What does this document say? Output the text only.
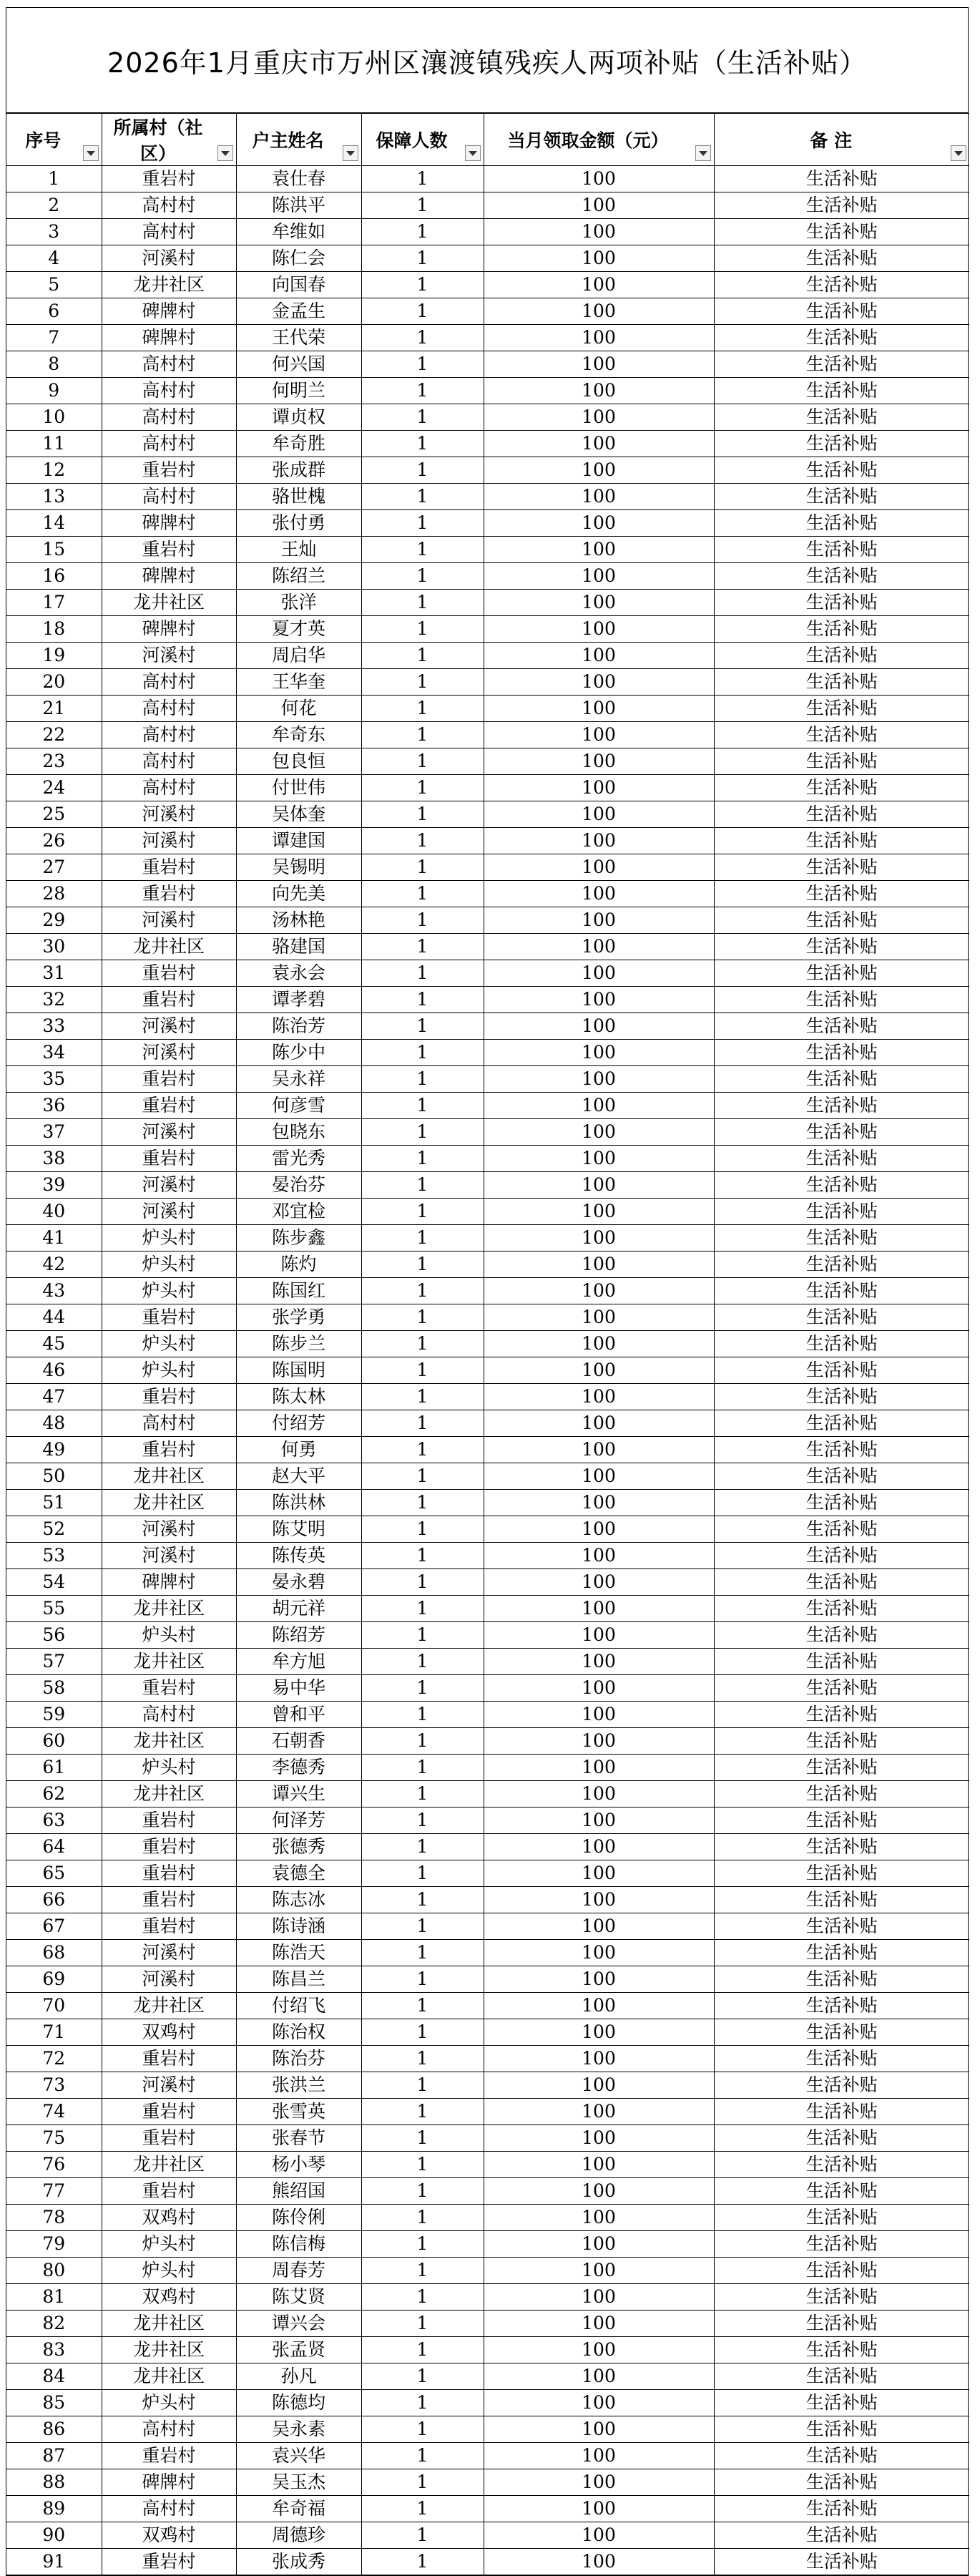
2026年1月重庆市万州区瀼渡镇残疾人两项补贴（生活补贴）
序号	所属村（社区）	户主姓名	保障人数	当月领取金额（元）	备 注

1	重岩村	袁仕春	1	100	生活补贴
2	高村村	陈洪平	1	100	生活补贴
3	高村村	牟维如	1	100	生活补贴
4	河溪村	陈仁会	1	100	生活补贴
5	龙井社区	向国春	1	100	生活补贴
6	碑牌村	金孟生	1	100	生活补贴
7	碑牌村	王代荣	1	100	生活补贴
8	高村村	何兴国	1	100	生活补贴
9	高村村	何明兰	1	100	生活补贴
10	高村村	谭贞权	1	100	生活补贴
11	高村村	牟奇胜	1	100	生活补贴
12	重岩村	张成群	1	100	生活补贴
13	高村村	骆世槐	1	100	生活补贴
14	碑牌村	张付勇	1	100	生活补贴
15	重岩村	王灿	1	100	生活补贴
16	碑牌村	陈绍兰	1	100	生活补贴
17	龙井社区	张洋	1	100	生活补贴
18	碑牌村	夏才英	1	100	生活补贴
19	河溪村	周启华	1	100	生活补贴
20	高村村	王华奎	1	100	生活补贴
21	高村村	何花	1	100	生活补贴
22	高村村	牟奇东	1	100	生活补贴
23	高村村	包良恒	1	100	生活补贴
24	高村村	付世伟	1	100	生活补贴
25	河溪村	吴体奎	1	100	生活补贴
26	河溪村	谭建国	1	100	生活补贴
27	重岩村	吴锡明	1	100	生活补贴
28	重岩村	向先美	1	100	生活补贴
29	河溪村	汤林艳	1	100	生活补贴
30	龙井社区	骆建国	1	100	生活补贴
31	重岩村	袁永会	1	100	生活补贴
32	重岩村	谭孝碧	1	100	生活补贴
33	河溪村	陈治芳	1	100	生活补贴
34	河溪村	陈少中	1	100	生活补贴
35	重岩村	吴永祥	1	100	生活补贴
36	重岩村	何彦雪	1	100	生活补贴
37	河溪村	包晓东	1	100	生活补贴
38	重岩村	雷光秀	1	100	生活补贴
39	河溪村	晏治芬	1	100	生活补贴
40	河溪村	邓宜检	1	100	生活补贴
41	炉头村	陈步鑫	1	100	生活补贴
42	炉头村	陈灼	1	100	生活补贴
43	炉头村	陈国红	1	100	生活补贴
44	重岩村	张学勇	1	100	生活补贴
45	炉头村	陈步兰	1	100	生活补贴
46	炉头村	陈国明	1	100	生活补贴
47	重岩村	陈太林	1	100	生活补贴
48	高村村	付绍芳	1	100	生活补贴
49	重岩村	何勇	1	100	生活补贴
50	龙井社区	赵大平	1	100	生活补贴
51	龙井社区	陈洪林	1	100	生活补贴
52	河溪村	陈艾明	1	100	生活补贴
53	河溪村	陈传英	1	100	生活补贴
54	碑牌村	晏永碧	1	100	生活补贴
55	龙井社区	胡元祥	1	100	生活补贴
56	炉头村	陈绍芳	1	100	生活补贴
57	龙井社区	牟方旭	1	100	生活补贴
58	重岩村	易中华	1	100	生活补贴
59	高村村	曾和平	1	100	生活补贴
60	龙井社区	石朝香	1	100	生活补贴
61	炉头村	李德秀	1	100	生活补贴
62	龙井社区	谭兴生	1	100	生活补贴
63	重岩村	何泽芳	1	100	生活补贴
64	重岩村	张德秀	1	100	生活补贴
65	重岩村	袁德全	1	100	生活补贴
66	重岩村	陈志冰	1	100	生活补贴
67	重岩村	陈诗涵	1	100	生活补贴
68	河溪村	陈浩天	1	100	生活补贴
69	河溪村	陈昌兰	1	100	生活补贴
70	龙井社区	付绍飞	1	100	生活补贴
71	双鸡村	陈治权	1	100	生活补贴
72	重岩村	陈治芬	1	100	生活补贴
73	河溪村	张洪兰	1	100	生活补贴
74	重岩村	张雪英	1	100	生活补贴
75	重岩村	张春节	1	100	生活补贴
76	龙井社区	杨小琴	1	100	生活补贴
77	重岩村	熊绍国	1	100	生活补贴
78	双鸡村	陈伶俐	1	100	生活补贴
79	炉头村	陈信梅	1	100	生活补贴
80	炉头村	周春芳	1	100	生活补贴
81	双鸡村	陈艾贤	1	100	生活补贴
82	龙井社区	谭兴会	1	100	生活补贴
83	龙井社区	张孟贤	1	100	生活补贴
84	龙井社区	孙凡	1	100	生活补贴
85	炉头村	陈德均	1	100	生活补贴
86	高村村	吴永素	1	100	生活补贴
87	重岩村	袁兴华	1	100	生活补贴
88	碑牌村	吴玉杰	1	100	生活补贴
89	高村村	牟奇福	1	100	生活补贴
90	双鸡村	周德珍	1	100	生活补贴
91	重岩村	张成秀	1	100	生活补贴
